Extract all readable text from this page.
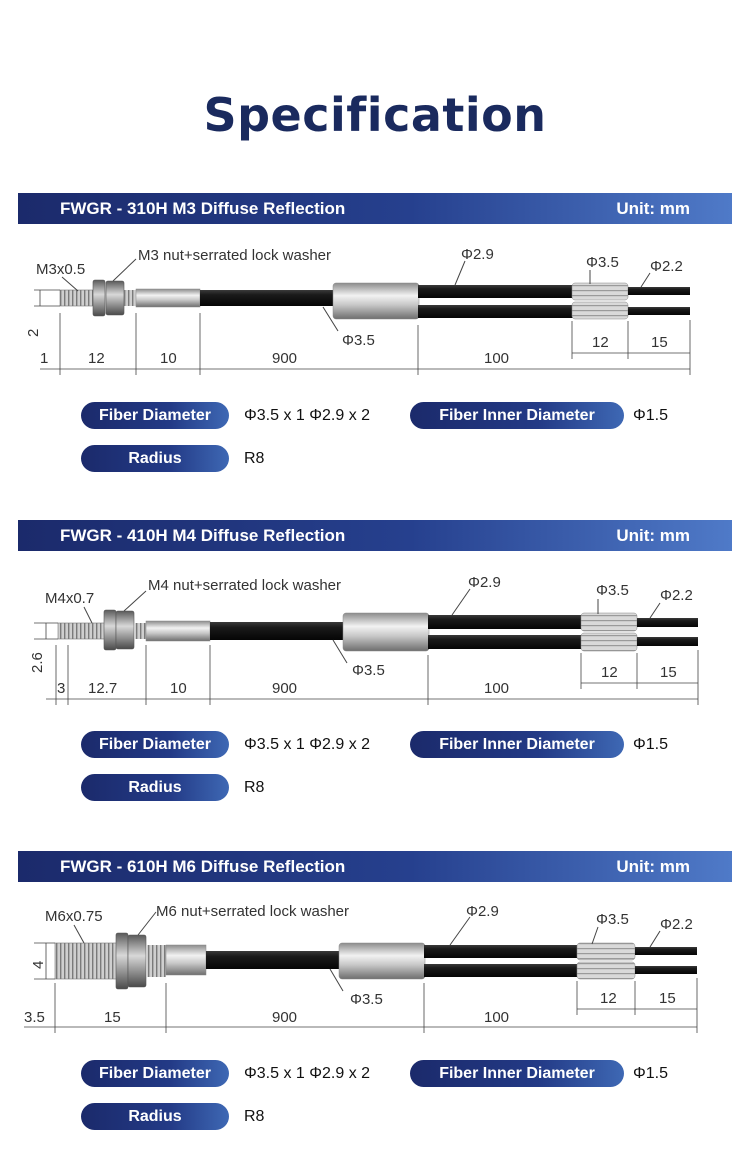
Specification
FWGR - 310H M3 Diffuse Reflection	Unit: mm
M3x0.5
M3 nut+serrated lock washer	Φ2.9	Φ3.5 Φ2.2
Φ3.5
2
1	12	10	900	100
12	15
Fiber Diameter	Φ3.5 x 1 Φ2.9 x 2	Fiber Inner Diameter	Φ1.5
Radius	R8
FWGR - 410H M4 Diffuse Reflection	Unit: mm
M4x0.7
M4 nut+serrated lock washer	Φ2.9	Φ3.5 Φ2.2
Φ3.5
2.6
3 12.7	10	900	100
12	15
Fiber Diameter	Φ3.5 x 1 Φ2.9 x 2	Fiber Inner Diameter	Φ1.5
Radius	R8
FWGR - 610H M6 Diffuse Reflection	Unit: mm
M6x0.75	M6 nut+serrated lock washer	Φ2.9	Φ3.5 Φ2.2
Φ3.5
4
3.5	15	900	100
12	15
Fiber Diameter	Φ3.5 x 1 Φ2.9 x 2	Fiber Inner Diameter	Φ1.5
Radius	R8
